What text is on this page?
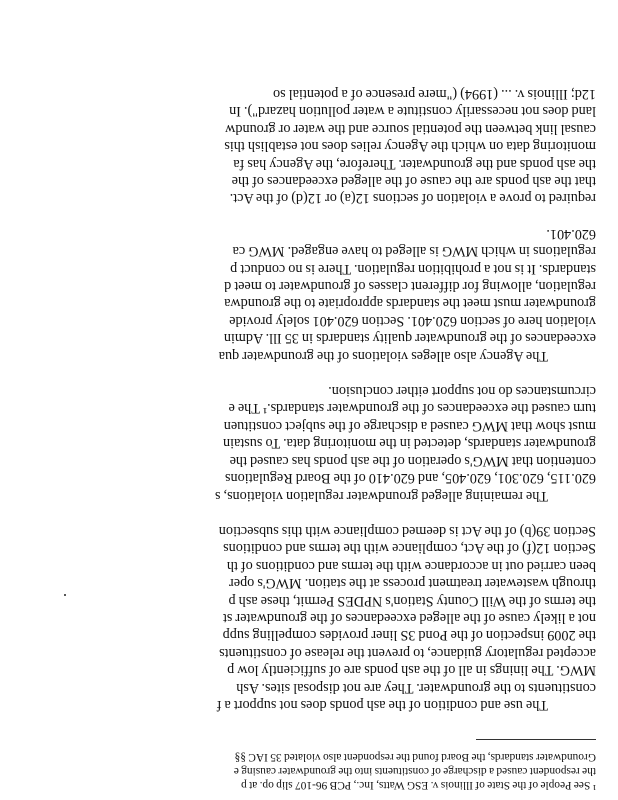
¹ See People of the State of Illinois v. ESG Watts, Inc., PCB 96-107 slip op. at p
the respondent caused a discharge of constituents into the groundwater causing e
Groundwater standards, the Board found the respondent also violated 35 IAC §§
The use and condition of the ash ponds does not support a f
constituents to the groundwater. They are not disposal sites. Ash
MWG. The linings in all of the ash ponds are of sufficiently low p
accepted regulatory guidance, to prevent the release of constituents
the 2009 inspection of the Pond 3S liner provides compelling supp
not a likely cause of the alleged exceedances of the groundwater st
the terms of the Will County Station's NPDES Permit, these ash p
through wastewater treatment process at the station. MWG's oper
been carried out in accordance with the terms and conditions of th
Section 12(f) of the Act, compliance with the terms and conditions
Section 39(b) of the Act is deemed compliance with this subsection
The remaining alleged groundwater regulation violations, s
620.115, 620.301, 620.405, and 620.410 of the Board Regulations
contention that MWG's operation of the ash ponds has caused the
groundwater standards, detected in the monitoring data. To sustain
must show that MWG caused a discharge of the subject constituen
turn caused the exceedances of the groundwater standards.¹ The e
circumstances do not support either conclusion.
The Agency also alleges violations of the groundwater qua
exceedances of the groundwater quality standards in 35 Ill. Admin
violation here of section 620.401. Section 620.401 solely provide
groundwater must meet the standards appropriate to the groundwa
regulation, allowing for different classes of groundwater to meet d
standards. It is not a prohibition regulation. There is no conduct p
regulations in which MWG is alleged to have engaged. MWG ca
620.401.
required to prove a violation of sections 12(a) or 12(d) of the Act.
that the ash ponds are the cause of the alleged exceedances of the
the ash ponds and the groundwater. Therefore, the Agency has fa
monitoring data on which the Agency relies does not establish this
causal link between the potential source and the water or groundw
land does not necessarily constitute a water pollution hazard"). In
12d; Illinois v. ... (1994) ("mere presence of a potential so
